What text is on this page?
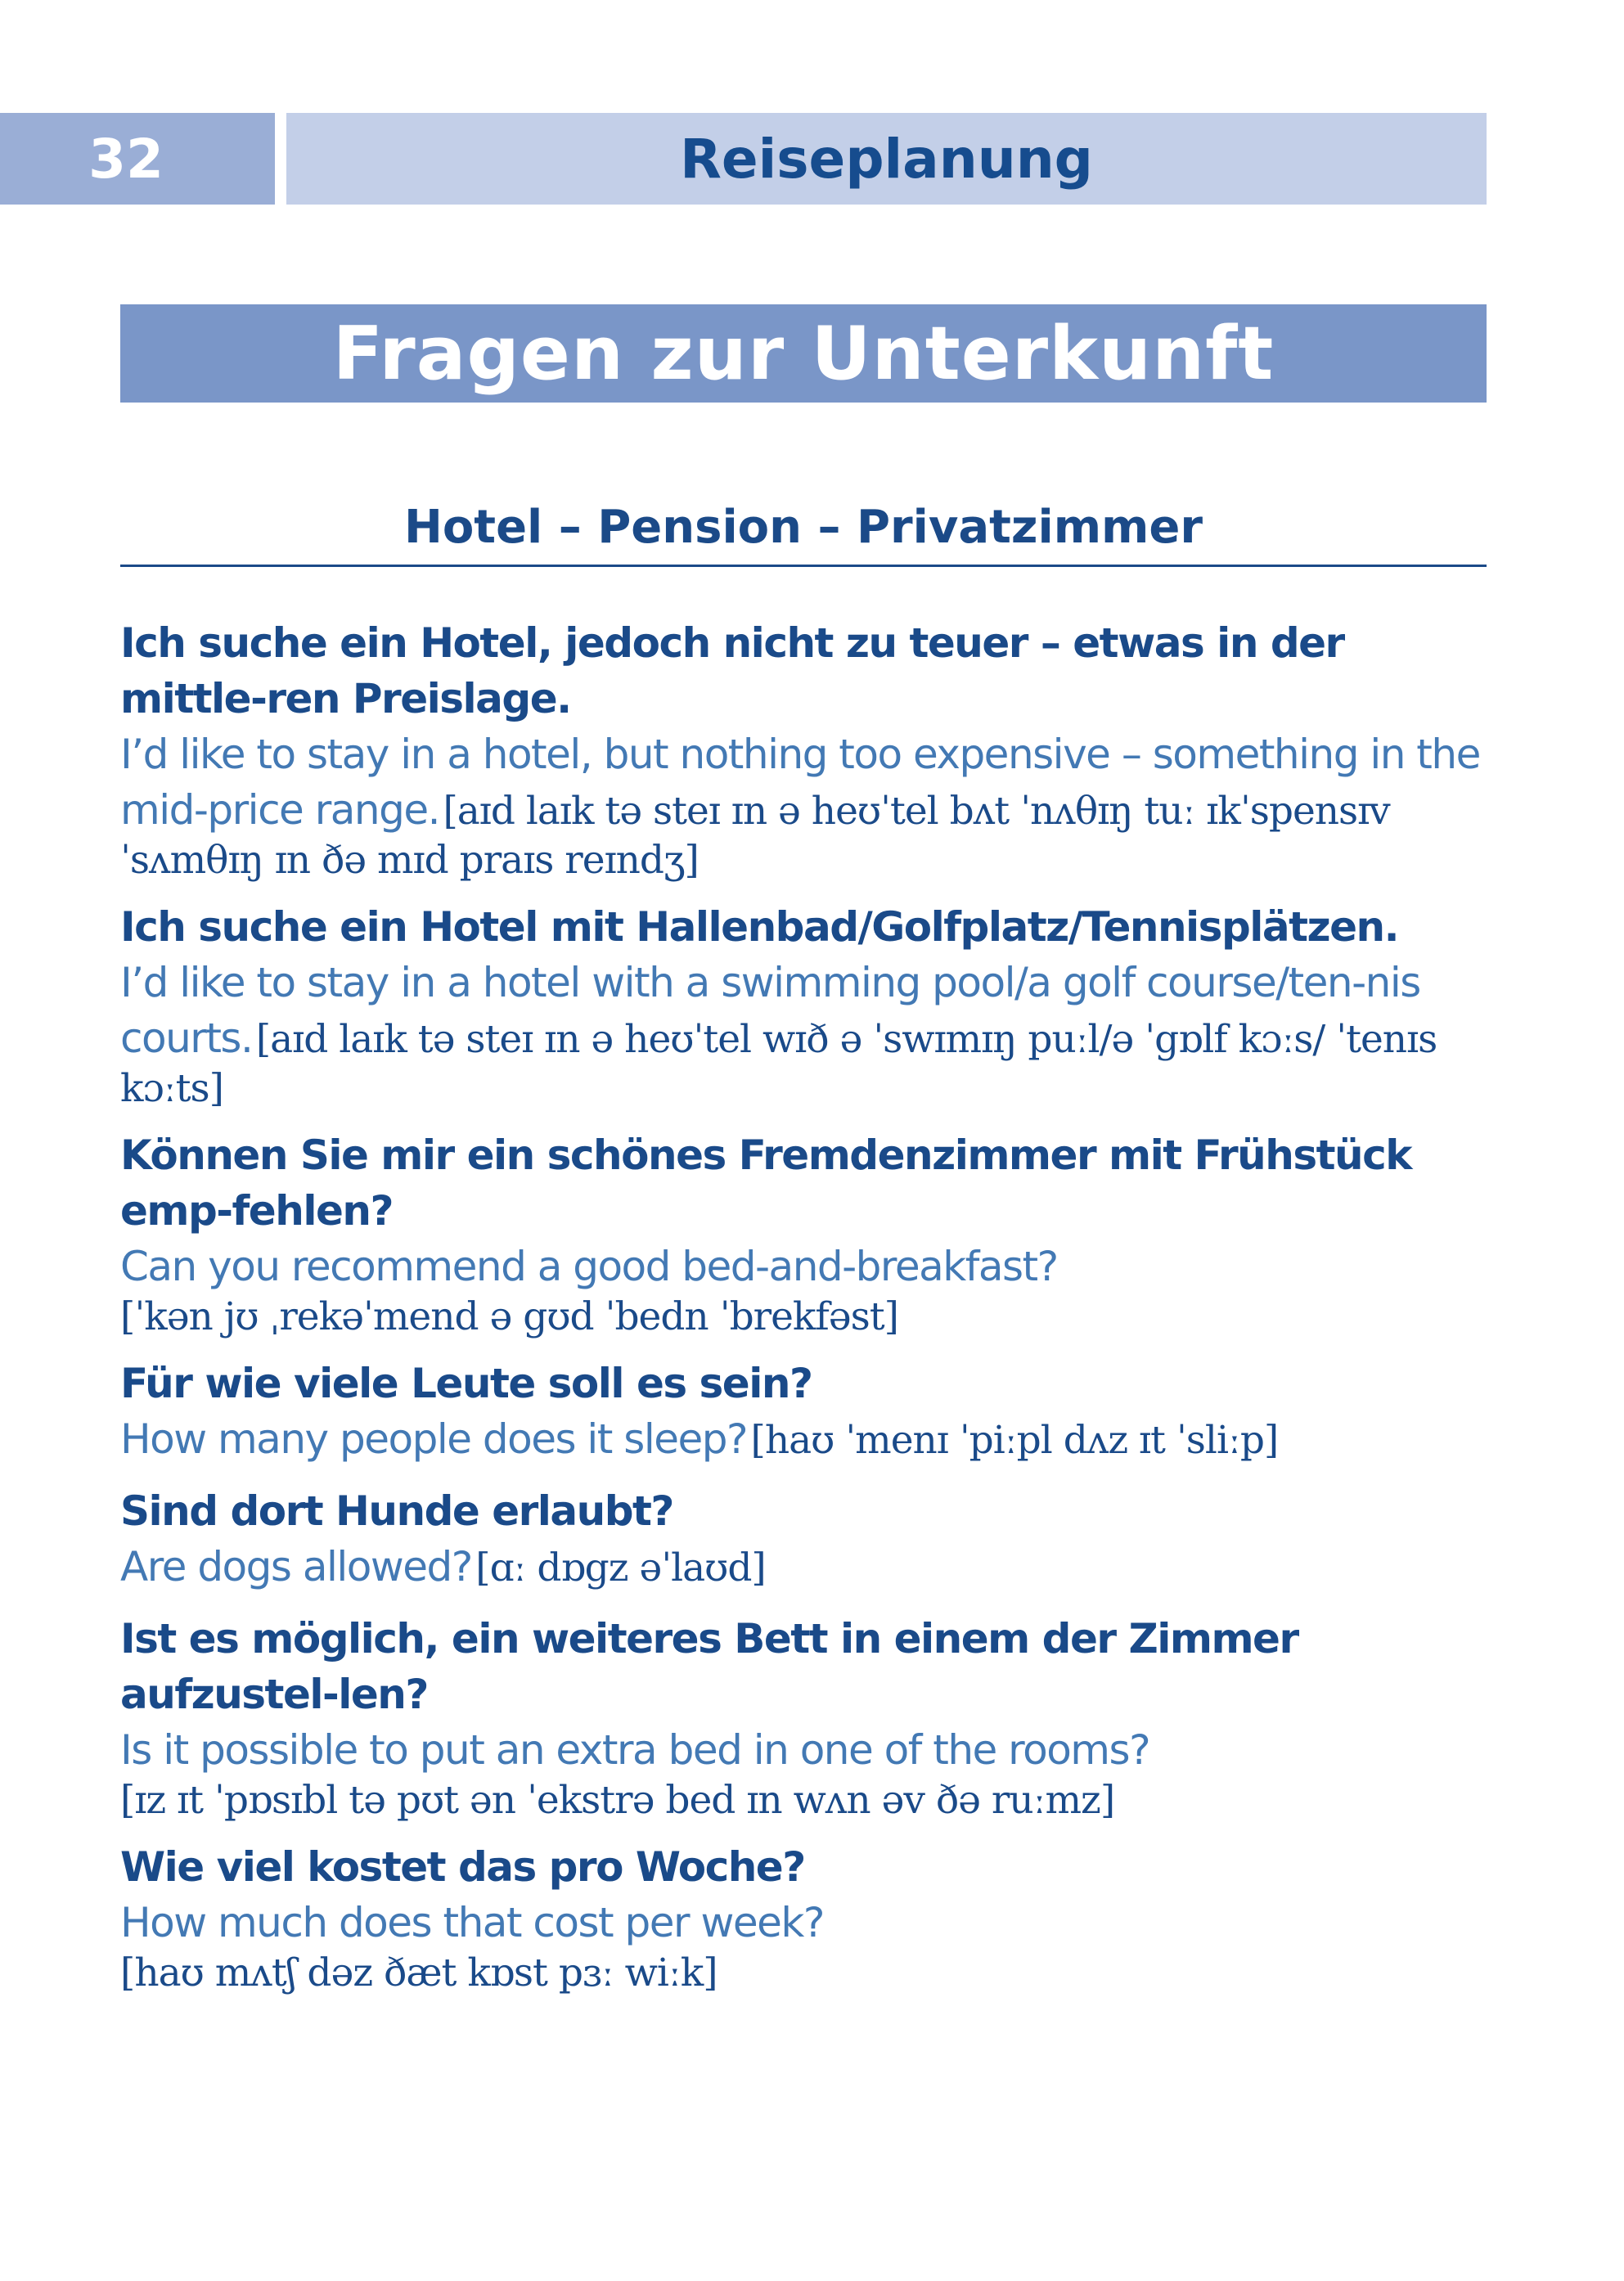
32	Reiseplanung
Fragen zur Unterkunft
Hotel – Pension – Privatzimmer
Ich suche ein Hotel, jedoch nicht zu teuer – etwas in der mittle-ren Preislage.
I’d like to stay in a hotel, but nothing too expensive – something in the mid-price range. [aɪd laɪk tə steɪ ɪn ə heʊˈtel bʌt ˈnʌθɪŋ tuː ɪkˈspensɪv ˈsʌmθɪŋ ɪn ðə mɪd praɪs reɪndʒ]
Ich suche ein Hotel mit Hallenbad/Golfplatz/Tennisplätzen.
I’d like to stay in a hotel with a swimming pool/a golf course/ten-nis courts. [aɪd laɪk tə steɪ ɪn ə heʊˈtel wɪð ə ˈswɪmɪŋ puːl/ə ˈgɒlf kɔːs/ ˈtenɪs kɔːts]
Können Sie mir ein schönes Fremdenzimmer mit Frühstück emp-fehlen?
Can you recommend a good bed-and-breakfast?
[ˈkən jʊ ˌrekəˈmend ə gʊd ˈbedn ˈbrekfəst]
Für wie viele Leute soll es sein?
How many people does it sleep? [haʊ ˈmenɪ ˈpiːpl dʌz ɪt ˈsliːp]
Sind dort Hunde erlaubt?
Are dogs allowed? [ɑː dɒgz əˈlaʊd]
Ist es möglich, ein weiteres Bett in einem der Zimmer aufzustel-len?
Is it possible to put an extra bed in one of the rooms?
[ɪz ɪt ˈpɒsɪbl tə pʊt ən ˈekstrə bed ɪn wʌn əv ðə ruːmz]
Wie viel kostet das pro Woche?
How much does that cost per week?
[haʊ mʌtʃ dəz ðæt kɒst pɜː wiːk]
